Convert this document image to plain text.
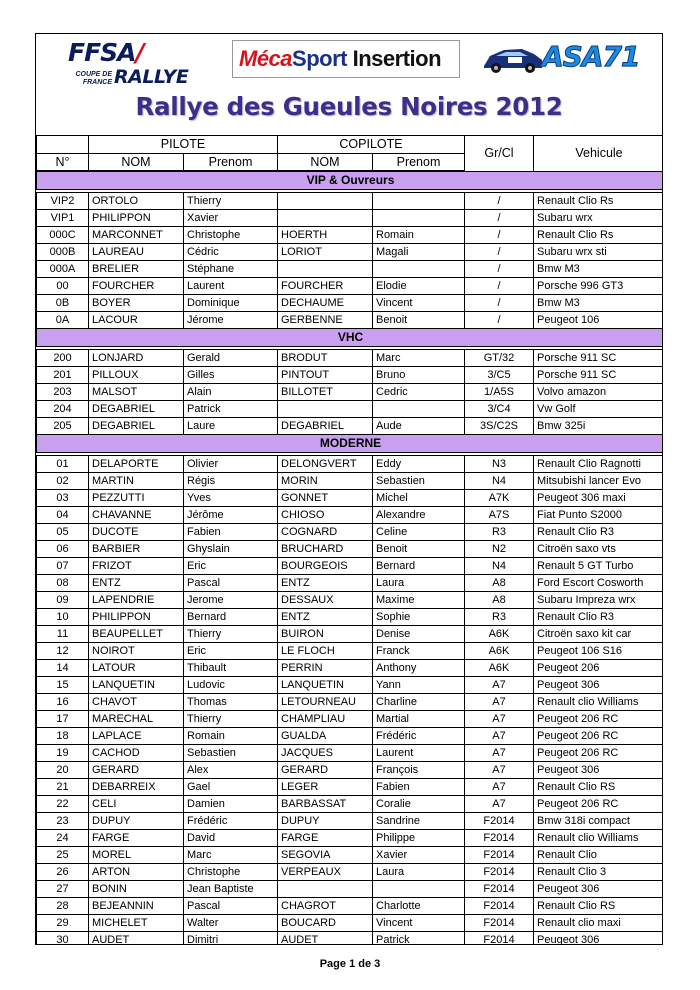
FFSA/
COUPE DE
FRANCE RALLYE
MécaSport Insertion	ASA71
Rallye des Gueules Noires 2012
	PILOTE		COPILOTE		Gr/Cl	Vehicule
N°	NOM	Prenom	NOM	Prenom		
VIP & Ouvreurs						

VIP2	ORTOLO	Thierry			/	Renault Clio Rs
VIP1	PHILIPPON	Xavier			/	Subaru wrx
000C	MARCONNET	Christophe	HOERTH	Romain	/	Renault Clio Rs
000B	LAUREAU	Cédric	LORIOT	Magali	/	Subaru wrx sti
000A	BRELIER	Stéphane			/	Bmw M3
00	FOURCHER	Laurent	FOURCHER	Elodie	/	Porsche 996 GT3
0B	BOYER	Dominique	DECHAUME	Vincent	/	Bmw M3
0A	LACOUR	Jérome	GERBENNE	Benoit	/	Peugeot 106
VHC						

200	LONJARD	Gerald	BRODUT	Marc	GT/32	Porsche 911 SC
201	PILLOUX	Gilles	PINTOUT	Bruno	3/C5	Porsche 911 SC
203	MALSOT	Alain	BILLOTET	Cedric	1/A5S	Volvo amazon
204	DEGABRIEL	Patrick			3/C4	Vw Golf
205	DEGABRIEL	Laure	DEGABRIEL	Aude	3S/C2S	Bmw 325i
MODERNE						

01	DELAPORTE	Olivier	DELONGVERT	Eddy	N3	Renault Clio Ragnotti
02	MARTIN	Régis	MORIN	Sebastien	N4	Mitsubishi lancer Evo
03	PEZZUTTI	Yves	GONNET	Michel	A7K	Peugeot 306 maxi
04	CHAVANNE	Jérôme	CHIOSO	Alexandre	A7S	Fiat Punto S2000
05	DUCOTE	Fabien	COGNARD	Celine	R3	Renault Clio R3
06	BARBIER	Ghyslain	BRUCHARD	Benoit	N2	Citroën saxo vts
07	FRIZOT	Eric	BOURGEOIS	Bernard	N4	Renault 5 GT Turbo
08	ENTZ	Pascal	ENTZ	Laura	A8	Ford Escort Cosworth
09	LAPENDRIE	Jerome	DESSAUX	Maxime	A8	Subaru Impreza wrx
10	PHILIPPON	Bernard	ENTZ	Sophie	R3	Renault Clio R3
11	BEAUPELLET	Thierry	BUIRON	Denise	A6K	Citroën saxo kit car
12	NOIROT	Eric	LE FLOCH	Franck	A6K	Peugeot 106 S16
14	LATOUR	Thibault	PERRIN	Anthony	A6K	Peugeot 206
15	LANQUETIN	Ludovic	LANQUETIN	Yann	A7	Peugeot 306
16	CHAVOT	Thomas	LETOURNEAU	Charline	A7	Renault clio Williams
17	MARECHAL	Thierry	CHAMPLIAU	Martial	A7	Peugeot 206 RC
18	LAPLACE	Romain	GUALDA	Frédéric	A7	Peugeot 206 RC
19	CACHOD	Sebastien	JACQUES	Laurent	A7	Peugeot 206 RC
20	GERARD	Alex	GERARD	François	A7	Peugeot 306
21	DEBARREIX	Gael	LEGER	Fabien	A7	Renault Clio RS
22	CELI	Damien	BARBASSAT	Coralie	A7	Peugeot 206 RC
23	DUPUY	Frédéric	DUPUY	Sandrine	F2014	Bmw 318i compact
24	FARGE	David	FARGE	Philippe	F2014	Renault clio Williams
25	MOREL	Marc	SEGOVIA	Xavier	F2014	Renault Clio
26	ARTON	Christophe	VERPEAUX	Laura	F2014	Renault Clio 3
27	BONIN	Jean Baptiste			F2014	Peugeot 306
28	BEJEANNIN	Pascal	CHAGROT	Charlotte	F2014	Renault Clio RS
29	MICHELET	Walter	BOUCARD	Vincent	F2014	Renault clio maxi
30	AUDET	Dimitri	AUDET	Patrick	F2014	Peugeot 306
Page 1 de 3
